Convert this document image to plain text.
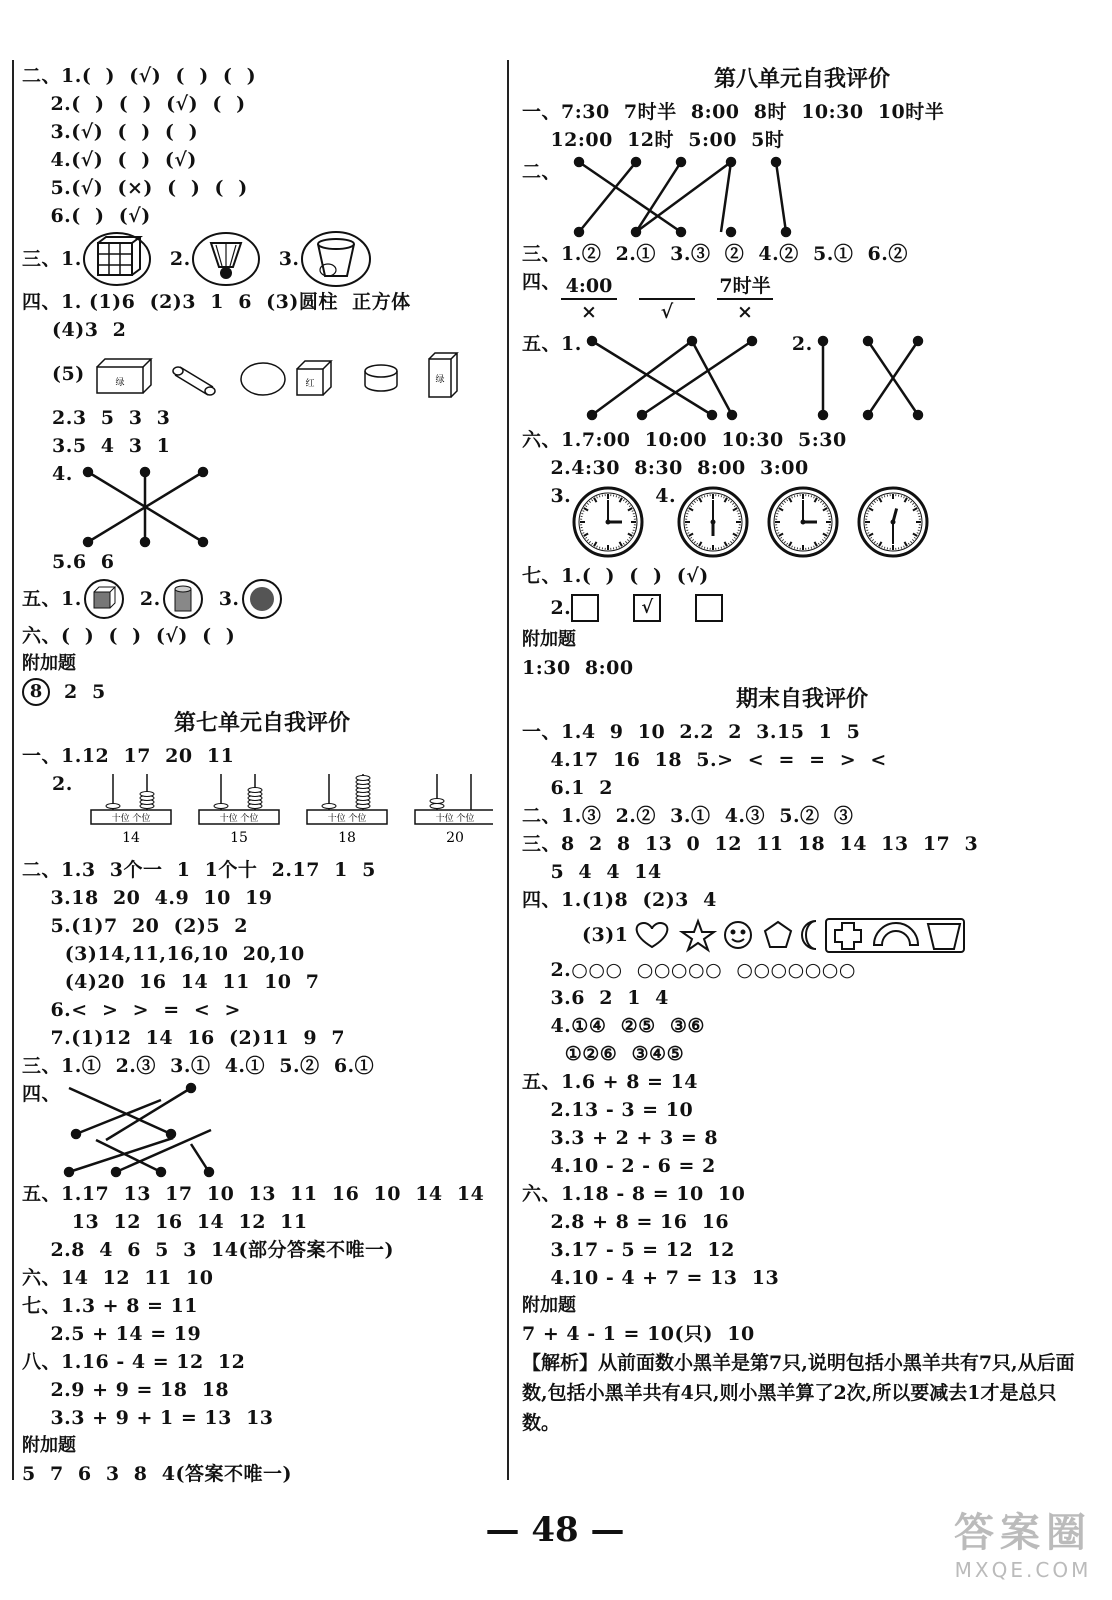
二、1.(  )  (√)  (  )  (  )
2.(  )  (  )  (√)  (  )
3.(√)  (  )  (  )
4.(√)  (  )  (√)
5.(√)  (×)  (  )  (  )
6.(  )  (√)
三、1.	2.	3.
四、1. (1)6  (2)3  1  6  (3)圆柱  正方体
(4)3  2
(5)	绿	红	绿
2.3  5  3  3
3.5  4  3  1
4.
5.6  6
五、1.	2.	3.
六、(  )  (  )  (√)  (  )
附加题
8	2  5
第七单元自我评价
一、1.12  17  20  11
2.
十位 个位
14
十位 个位
15
十位 个位
18
十位 个位
20
二、1.3  3个一  1  1个十  2.17  1  5
3.18  20  4.9  10  19
5.(1)7  20  (2)5  2
(3)14,11,16,10  20,10
(4)20  16  14  11  10  7
6.<  >  >  =  <  >
7.(1)12  14  16  (2)11  9  7
三、1.①  2.③  3.①  4.①  5.②  6.①
四、
五、1.17  13  17  10  13  11  16  10  14  14
13  12  16  14  12  11
2.8  4  6  5  3  14(部分答案不唯一)
六、14  12  11  10
七、1.3 + 8 = 11
2.5 + 14 = 19
八、1.16 - 4 = 12  12
2.9 + 9 = 18  18
3.3 + 9 + 1 = 13  13
附加题
5  7  6  3  8  4(答案不唯一)
第八单元自我评价
一、7:30  7时半  8:00  8时  10:30  10时半
12:00  12时  5:00  5时
二、
三、1.②  2.①  3.③  ②  4.②  5.①  6.②
四、 4:00
×	√
7时半
×
五、1.	2.
六、1.7:00  10:00  10:30  5:30
2.4:30  8:30  8:00  3:00
3.	4.
七、1.(  )  (  )  (√)
2.	√
附加题
1:30  8:00
期末自我评价
一、1.4  9  10  2.2  2  3.15  1  5
4.17  16  18  5.>  <  =  =  >  <
6.1  2
二、1.③  2.②  3.①  4.③  5.②  ③
三、8  2  8  13  0  12  11  18  14  13  17  3
5  4  4  14
四、1.(1)8  (2)3  4
(3)1
2.○○○  ○○○○○  ○○○○○○○
3.6  2  1  4
4.①④  ②⑤  ③⑥
①②⑥  ③④⑤
五、1.6 + 8 = 14
2.13 - 3 = 10
3.3 + 2 + 3 = 8
4.10 - 2 - 6 = 2
六、1.18 - 8 = 10  10
2.8 + 8 = 16  16
3.17 - 5 = 12  12
4.10 - 4 + 7 = 13  13
附加题
7 + 4 - 1 = 10(只)  10
【解析】从前面数小黑羊是第7只,说明包括小黑羊共有7只,从后面数,包括小黑羊共有4只,则小黑羊算了2次,所以要减去1才是总只数。
— 48 —	答案圈
MXQE.COM
